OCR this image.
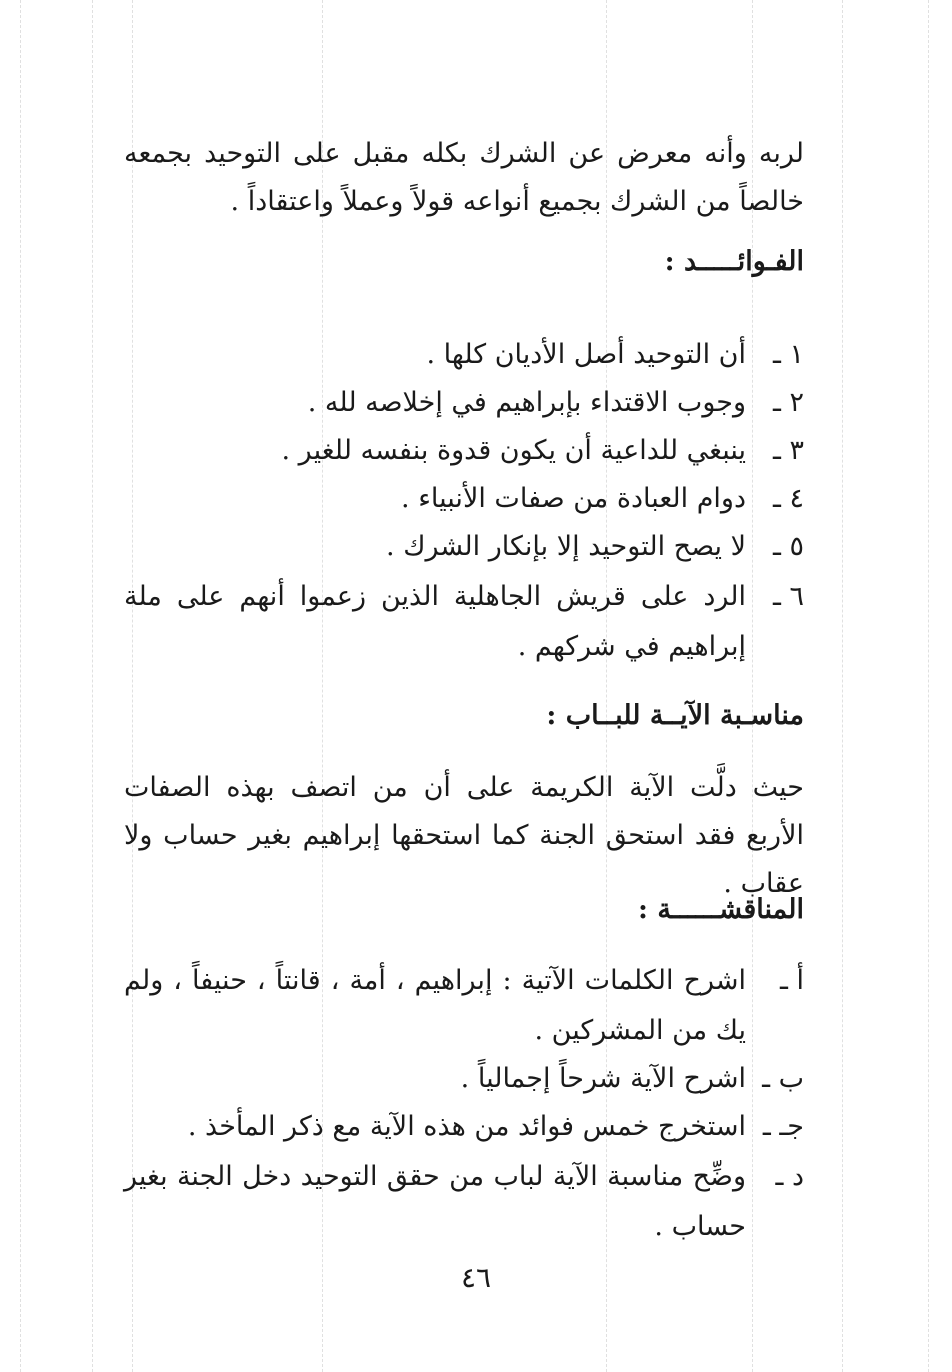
لربه وأنه معرض عن الشرك بكله مقبل على التوحيد بجمعه خالصاً من الشرك بجميع أنواعه قولاً وعملاً واعتقاداً .
الفـوائـــــد :
١ ـ
أن التوحيد أصل الأديان كلها .
٢ ـ
وجوب الاقتداء بإبراهيم في إخلاصه لله .
٣ ـ
ينبغي للداعية أن يكون قدوة بنفسه للغير .
٤ ـ
دوام العبادة من صفات الأنبياء .
٥ ـ
لا يصح التوحيد إلا بإنكار الشرك .
٦ ـ
الرد على قريش الجاهلية الذين زعموا أنهم على ملة إبراهيم في شركهم .
مناسـبة الآيــة للبــاب :
حيث دلَّت الآية الكريمة على أن من اتصف بهذه الصفات الأربع فقد استحق الجنة كما استحقها إبراهيم بغير حساب ولا عقاب .
المناقشــــــة :
أ ـ
اشرح الكلمات الآتية : إبراهيم ، أمة ، قانتاً ، حنيفاً ، ولم يك من المشركين .
ب ـ
اشرح الآية شرحاً إجمالياً .
جـ ـ
استخرج خمس فوائد من هذه الآية مع ذكر المأخذ .
د ـ
وضِّح مناسبة الآية لباب من حقق التوحيد دخل الجنة بغير حساب .
٤٦
